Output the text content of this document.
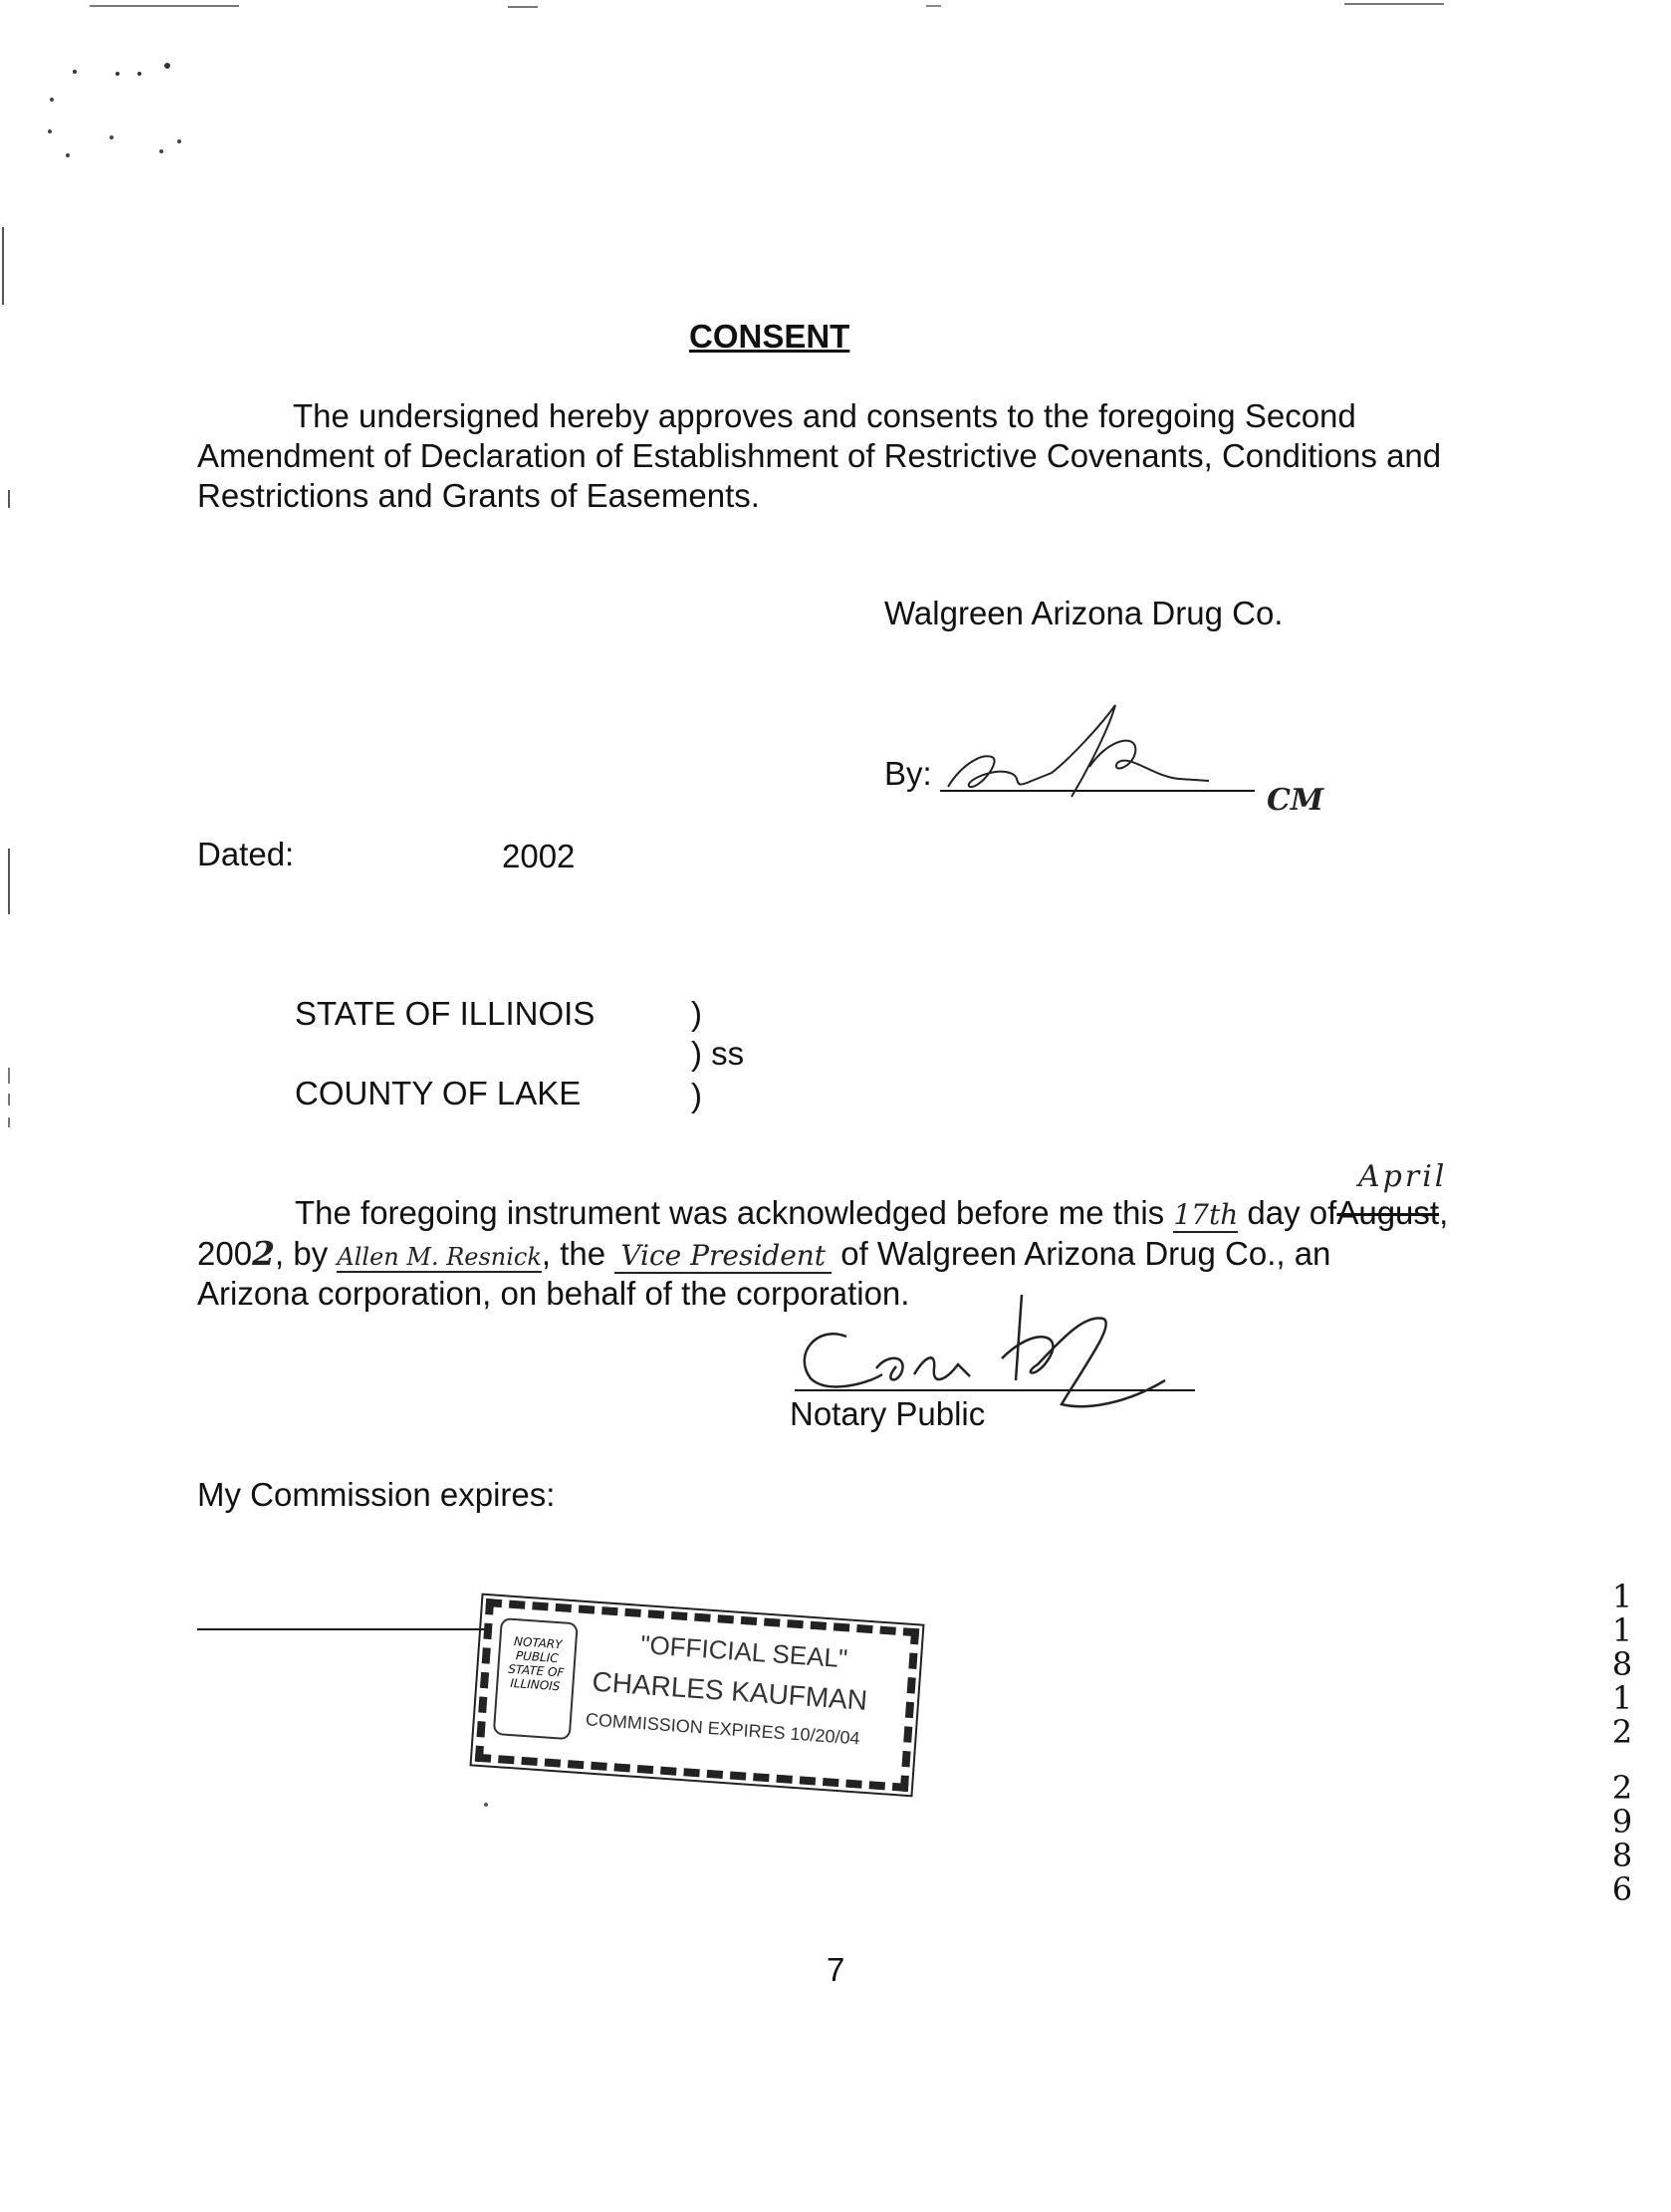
CONSENT
The undersigned hereby approves and consents to the foregoing Second
Amendment of Declaration of Establishment of Restrictive Covenants, Conditions and
Restrictions and Grants of Easements.
Walgreen Arizona Drug Co.
By:
CM
Dated:	2002
STATE OF ILLINOIS	)
) ss
COUNTY OF LAKE	)
April
The foregoing instrument was acknowledged before me this 17th day ofAugust,
2002, by Allen M. Resnick, the Vice President of Walgreen Arizona Drug Co., an
Arizona corporation, on behalf of the corporation.
Notary Public
My Commission expires:
NOTARY
PUBLIC
STATE OF
ILLINOIS
"OFFICIAL SEAL"
CHARLES KAUFMAN
COMMISSION EXPIRES 10/20/04
7
1
1
8
1
2
2
9
8
6
